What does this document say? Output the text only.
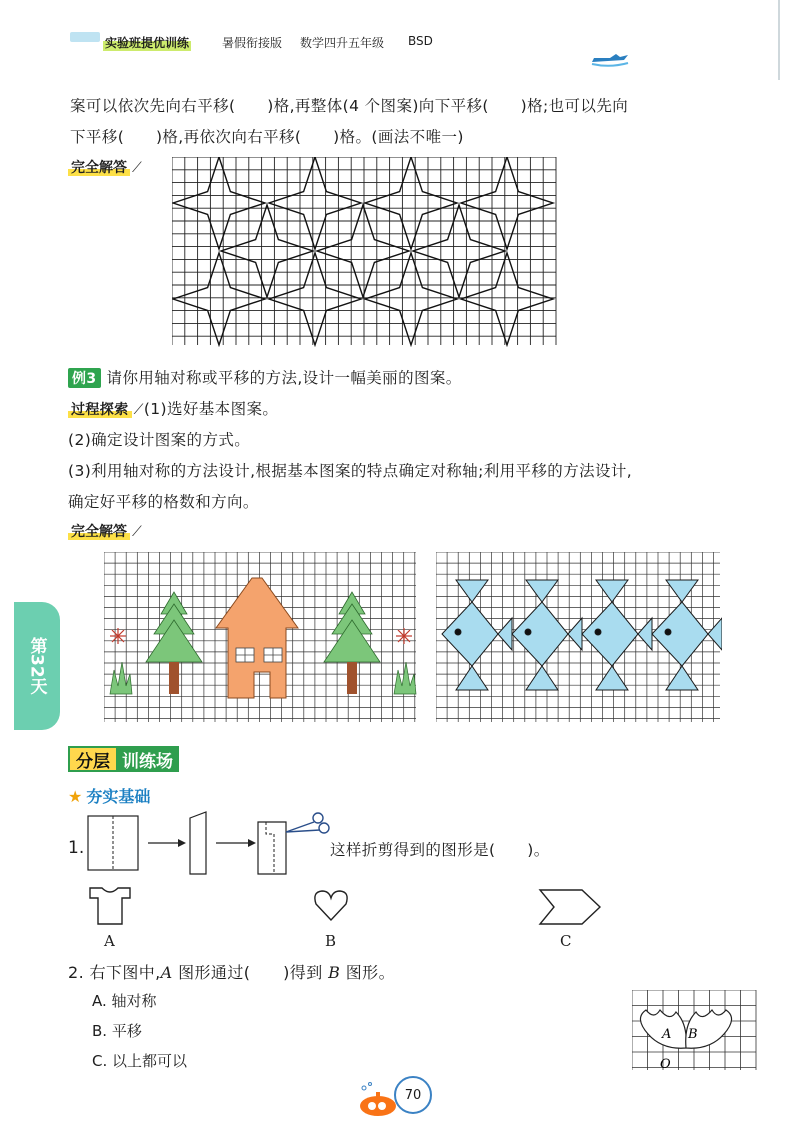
实验班提优训练	暑假衔接版 数学四升五年级 BSD
案可以依次先向右平移(　　)格,再整体(4 个图案)向下平移(　　)格;也可以先向
下平移(　　)格,再依次向右平移(　　)格。(画法不唯一)
完全解答 ⟋
例3 请你用轴对称或平移的方法,设计一幅美丽的图案。
过程探索 ⟋(1)选好基本图案。
(2)确定设计图案的方式。
(3)利用轴对称的方法设计,根据基本图案的特点确定对称轴;利用平移的方法设计,
确定好平移的格数和方向。
完全解答 ⟋
第32天
分层 训练场
★ 夯实基础
1.	这样折剪得到的图形是(　　)。
A	B	C
2. 右下图中,A 图形通过(　　)得到 B 图形。
A. 轴对称
B. 平移
C. 以上都可以
A B
O
70
